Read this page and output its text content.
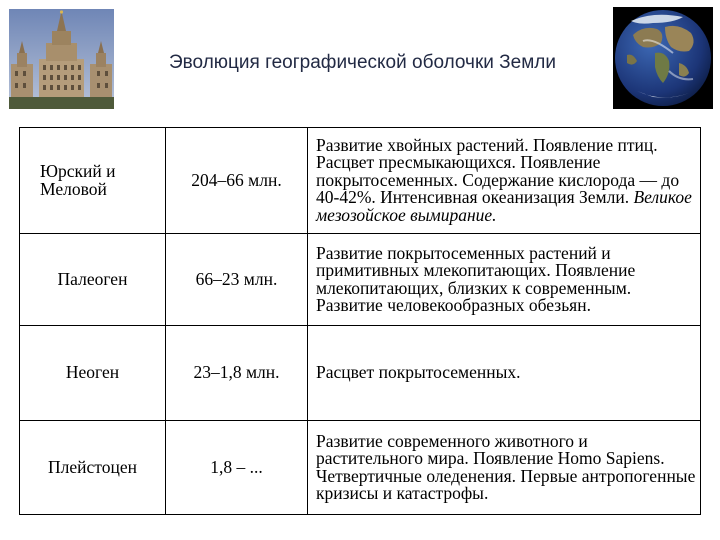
Эволюция географической оболочки Земли
Юрский и Меловой	204–66 млн.	Развитие хвойных растений. Появление птиц. Расцвет пресмыкающихся. Появление покрытосеменных. Содержание кислорода — до 40-42%. Интенсивная океанизация Земли. Великое мезозойское вымирание.
Палеоген	66–23 млн.	Развитие покрытосеменных растений и примитивных млекопитающих. Появление млекопитающих, близких к современным. Развитие человекообразных обезьян.
Неоген	23–1,8 млн.	Расцвет покрытосеменных.
Плейстоцен	1,8 – ...	Развитие современного животного и растительного мира. Появление Homo Sapiens. Четвертичные оледенения. Первые антропогенные кризисы и катастрофы.
